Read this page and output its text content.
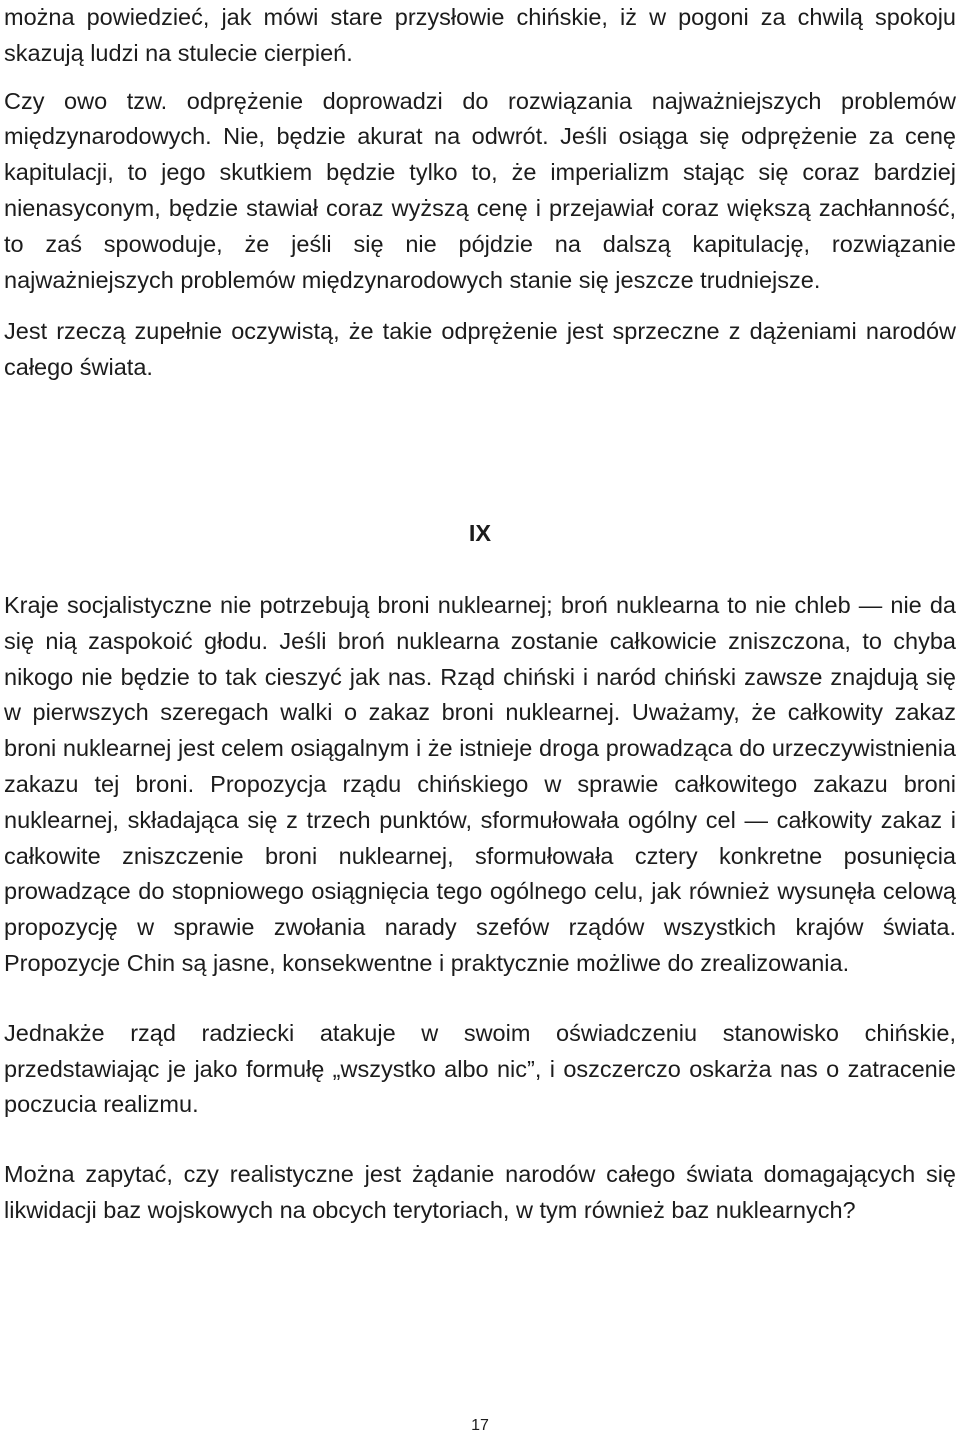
można powiedzieć, jak mówi stare przysłowie chińskie, iż w pogoni za chwilą spokoju skazują ludzi na stulecie cierpień.

Czy owo tzw. odprężenie doprowadzi do rozwiązania najważniejszych problemów międzynarodowych. Nie, będzie akurat na odwrót. Jeśli osiąga się odprężenie za cenę kapitulacji, to jego skutkiem będzie tylko to, że imperializm stając się coraz bardziej nienasyconym, będzie stawiał coraz wyższą cenę i przejawiał coraz większą zachłanność, to zaś spowoduje, że jeśli się nie pójdzie na dalszą kapitulację, rozwiązanie najważniejszych problemów międzynarodowych stanie się jeszcze trudniejsze.

Jest rzeczą zupełnie oczywistą, że takie odprężenie jest sprzeczne z dążeniami narodów całego świata.

IX

Kraje socjalistyczne nie potrzebują broni nuklearnej; broń nuklearna to nie chleb — nie da się nią zaspokoić głodu. Jeśli broń nuklearna zostanie całkowicie zniszczona, to chyba nikogo nie będzie to tak cieszyć jak nas. Rząd chiński i naród chiński zawsze znajdują się w pierwszych szeregach walki o zakaz broni nuklearnej. Uważamy, że całkowity zakaz broni nuklearnej jest celem osiągalnym i że istnieje droga prowadząca do urzeczywistnienia zakazu tej broni. Propozycja rządu chińskiego w sprawie całkowitego zakazu broni nuklearnej, składająca się z trzech punktów, sformułowała ogólny cel — całkowity zakaz i całkowite zniszczenie broni nuklearnej, sformułowała cztery konkretne posunięcia prowadzące do stopniowego osiągnięcia tego ogólnego celu, jak również wysunęła celową propozycję w sprawie zwołania narady szefów rządów wszystkich krajów świata. Propozycje Chin są jasne, konsekwentne i praktycznie możliwe do zrealizowania.

Jednakże rząd radziecki atakuje w swoim oświadczeniu stanowisko chińskie, przedstawiając je jako formułę „wszystko albo nic”, i oszczerczo oskarża nas o zatracenie poczucia realizmu.

Można zapytać, czy realistyczne jest żądanie narodów całego świata domagających się likwidacji baz wojskowych na obcych terytoriach, w tym również baz nuklearnych?

17
